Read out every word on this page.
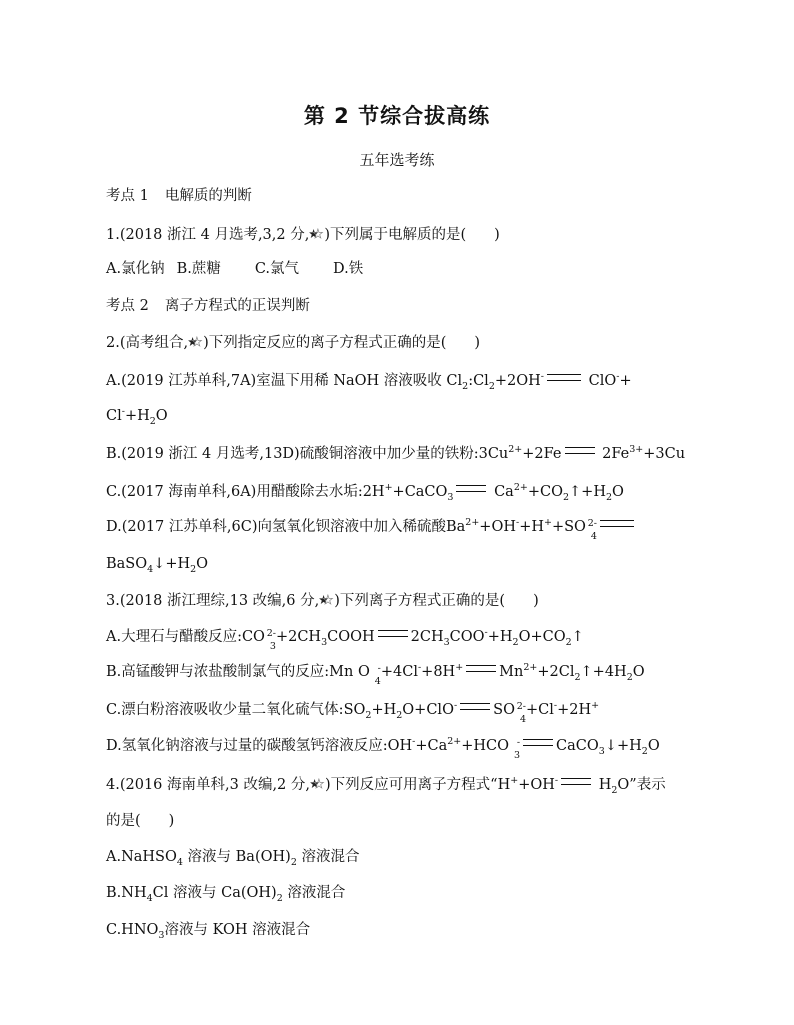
第 2 节综合拔高练
五年选考练
考点 1 电解质的判断
1.(2018 浙江 4 月选考,3,2 分, )下列属于电解质的是( )
A.氯化钠 B.蔗糖 C.氯气 D.铁
考点 2 离子方程式的正误判断
2.(高考组合, )下列指定反应的离子方程式正确的是( )
A.(2019 江苏单科,7A)室温下用稀 NaOH 溶液吸收 $Cl_2:Cl_2+2OH^-$	ClO-+
$Cl^-+H_2O$
B.(2019 浙江 4 月选考,13D)硫酸铜溶液中加少量的铁粉$:3Cu^{2+}+2Fe$ $2Fe^{3+}+3Cu$
C.(2017 海南单科,6A)用醋酸除去水垢:2H++CaCO$_3$ $Ca^{2+}+CO_2↑+H_2O$
D.(2017 江苏单科,6C)向氢氧化钡溶液中加入稀硫酸$Ba^{2+}+OH^-+H^++SO$ 2-
4
$BaSO_4↓+H_2O$
3.(2018 浙江理综,13 改编,6 分, )下列离子方程式正确的是( )
A.大理石与醋酸反应:CO 2-
3
$+2CH_3COOH$ $2CH_3COO^-+H_2O+CO_2↑$
B.高锰酸钾与浓盐酸制氯气的反应:Mn O -
4
+4Cl-+8H+ $Mn^{2+}+2Cl_2↑+4H_2O$
C.漂白粉溶液吸收少量二氧化硫气体$:SO_2+H_2O+ClO^-$ SO 2-
4
+Cl-+2H+
D.氢氧化钠溶液与过量的碳酸氢钙溶液反应$:OH^-+Ca^{2+}+HCO$ -
3
$CaCO_3↓+H_2O$
4.(2016 海南单科,3 改编,2 分, )下列反应可用离子方程式“H++OH- $H_2O$”表示
的是( )
A.NaHSO$_4$ 溶液与 $Ba(OH)_2$ 溶液混合
$B.NH_4Cl$ 溶液与 $Ca(OH)_2$ 溶液混合
$C.HNO_3$溶液与 KOH 溶液混合
